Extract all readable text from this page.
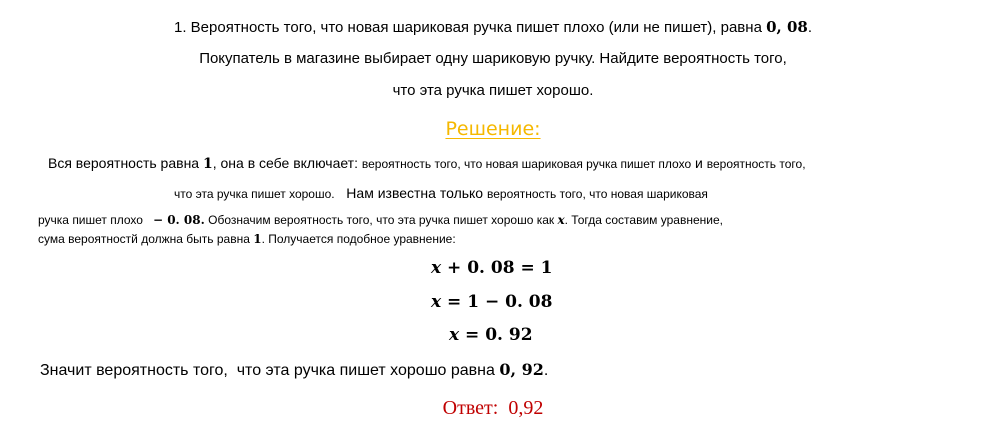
1. Вероятность того, что новая шариковая ручка пишет плохо (или не пишет), равна 0, 08.
Покупатель в магазине выбирает одну шариковую ручку. Найдите вероятность того,
что эта ручка пишет хорошо.
Решение:
Вся вероятность равна 1, она в себе включает: вероятность того, что новая шариковая ручка пишет плохо и вероятность того,
что эта ручка пишет хорошо.   Нам известна только вероятность того, что новая шариковая
ручка пишет плохо   − 0. 08. Обозначим вероятность того, что эта ручка пишет хорошо как x. Тогда составим уравнение,
сума вероятностй должна быть равна 1. Получается подобное уравнение:
x + 0. 08 = 1
x = 1 − 0. 08
x = 0. 92
Значит вероятность того,  что эта ручка пишет хорошо равна 0, 92.
Ответ: 0,92
